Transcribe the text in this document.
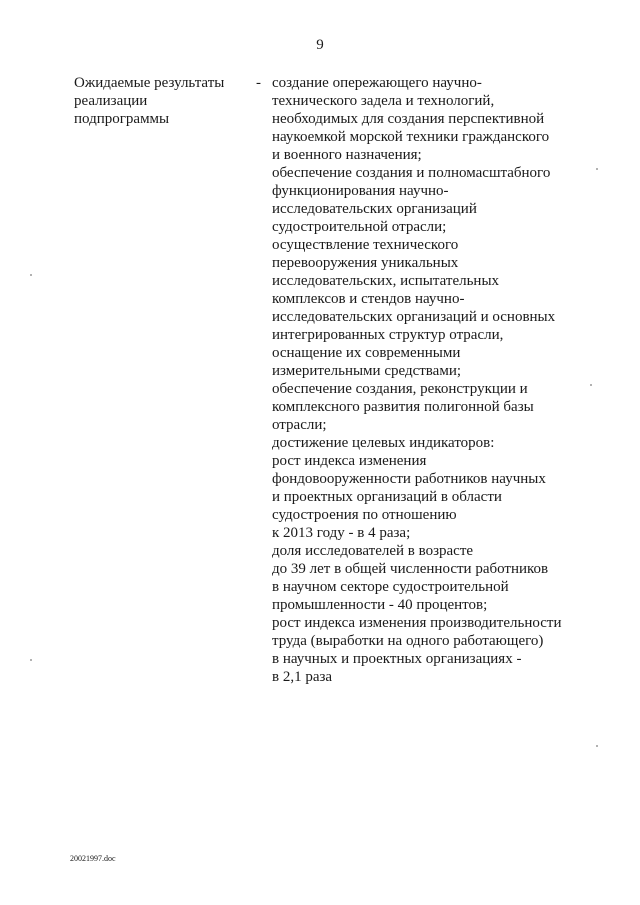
9
Ожидаемые результаты
реализации
подпрограммы
- создание опережающего научно-
технического задела и технологий,
необходимых для создания перспективной
наукоемкой морской техники гражданского
и военного назначения;
обеспечение создания и полномасштабного
функционирования научно-
исследовательских организаций
судостроительной отрасли;
осуществление технического
перевооружения уникальных
исследовательских, испытательных
комплексов и стендов научно-
исследовательских организаций и основных
интегрированных структур отрасли,
оснащение их современными
измерительными средствами;
обеспечение создания, реконструкции и
комплексного развития полигонной базы
отрасли;
достижение целевых индикаторов:
рост индекса изменения
фондовооруженности работников научных
и проектных организаций в области
судостроения по отношению
к 2013 году - в 4 раза;
доля исследователей в возрасте
до 39 лет в общей численности работников
в научном секторе судостроительной
промышленности - 40 процентов;
рост индекса изменения производительности
труда (выработки на одного работающего)
в научных и проектных организациях -
в 2,1 раза
20021997.doc
